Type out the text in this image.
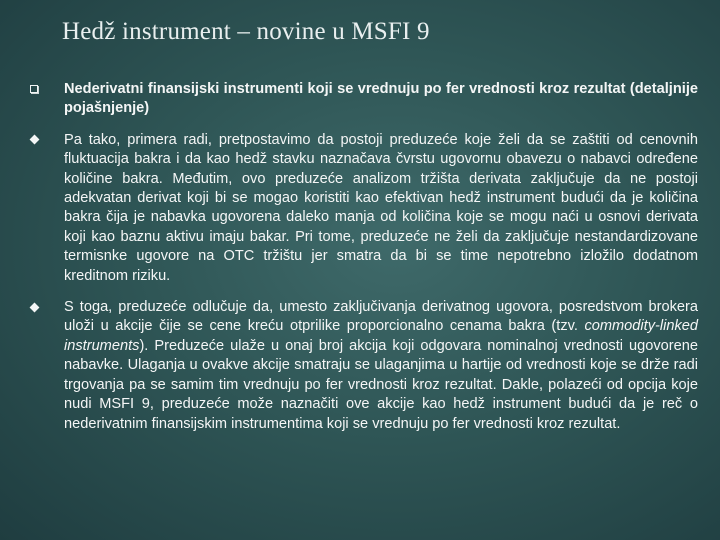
Hedž instrument – novine u MSFI 9
Nederivatni finansijski instrumenti koji se vrednuju po fer vrednosti kroz rezultat (detaljnije pojašnjenje)
Pa tako, primera radi, pretpostavimo da postoji preduzeće koje želi da se zaštiti od cenovnih fluktuacija bakra i da kao hedž stavku naznačava čvrstu ugovornu obavezu o nabavci određene količine bakra. Međutim, ovo preduzeće analizom tržišta derivata zaključuje da ne postoji adekvatan derivat koji bi se mogao koristiti kao efektivan hedž instrument budući da je količina bakra čija je nabavka ugovorena daleko manja od količina koje se mogu naći u osnovi derivata koji kao baznu aktivu imaju bakar. Pri tome, preduzeće ne želi da zaključuje nestandardizovane termisnke ugovore na OTC tržištu jer smatra da bi se time nepotrebno izložilo dodatnom kreditnom riziku.
S toga, preduzeće odlučuje da, umesto zaključivanja derivatnog ugovora, posredstvom brokera uloži u akcije čije se cene kreću otprilike proporcionalno cenama bakra (tzv. commodity-linked instruments). Preduzeće ulaže u onaj broj akcija koji odgovara nominalnoj vrednosti ugovorene nabavke. Ulaganja u ovakve akcije smatraju se ulaganjima u hartije od vrednosti koje se drže radi trgovanja pa se samim tim vrednuju po fer vrednosti kroz rezultat. Dakle, polazeći od opcija koje nudi MSFI 9, preduzeće može naznačiti ove akcije kao hedž instrument budući da je reč o nederivatnim finansijskim instrumentima koji se vrednuju po fer vrednosti kroz rezultat.
